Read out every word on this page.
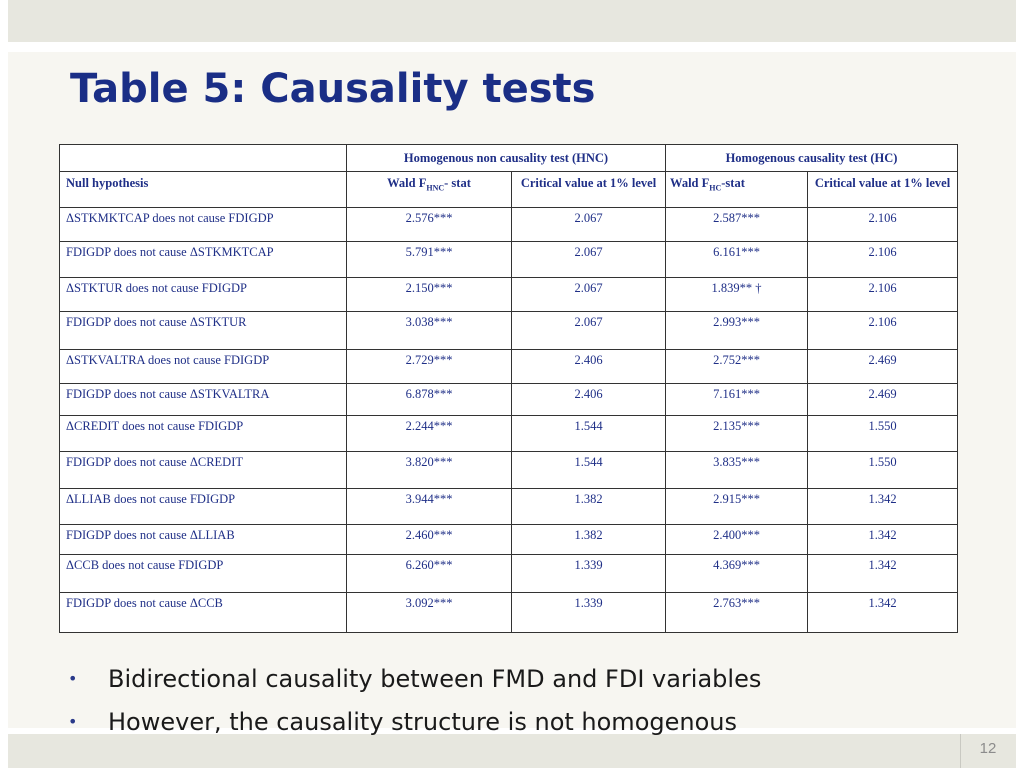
12
Table 5: Causality tests
	Homogenous non causality test (HNC)		Homogenous causality test (HC)	
Null hypothesis	Wald $F_{HNC}-$ stat	Critical value at 1% level	Wald $F_{HC}$-stat	Critical value at 1% level
ΔSTKMKTCAP does not cause FDIGDP	2.576***	2.067	2.587***	2.106
FDIGDP does not cause ΔSTKMKTCAP	5.791***	2.067	6.161***	2.106
ΔSTKTUR does not cause FDIGDP	2.150***	2.067	1.839** †	2.106
FDIGDP does not cause ΔSTKTUR	3.038***	2.067	2.993***	2.106
ΔSTKVALTRA does not cause FDIGDP	2.729***	2.406	2.752***	2.469
FDIGDP does not cause ΔSTKVALTRA	6.878***	2.406	7.161***	2.469
ΔCREDIT does not cause FDIGDP	2.244***	1.544	2.135***	1.550
FDIGDP does not cause ΔCREDIT	3.820***	1.544	3.835***	1.550
ΔLLIAB does not cause FDIGDP	3.944***	1.382	2.915***	1.342
FDIGDP does not cause ΔLLIAB	2.460***	1.382	2.400***	1.342
ΔCCB does not cause FDIGDP	6.260***	1.339	4.369***	1.342
FDIGDP does not cause ΔCCB	3.092***	1.339	2.763***	1.342
• Bidirectional causality between FMD and FDI variables
• However, the causality structure is not homogenous
